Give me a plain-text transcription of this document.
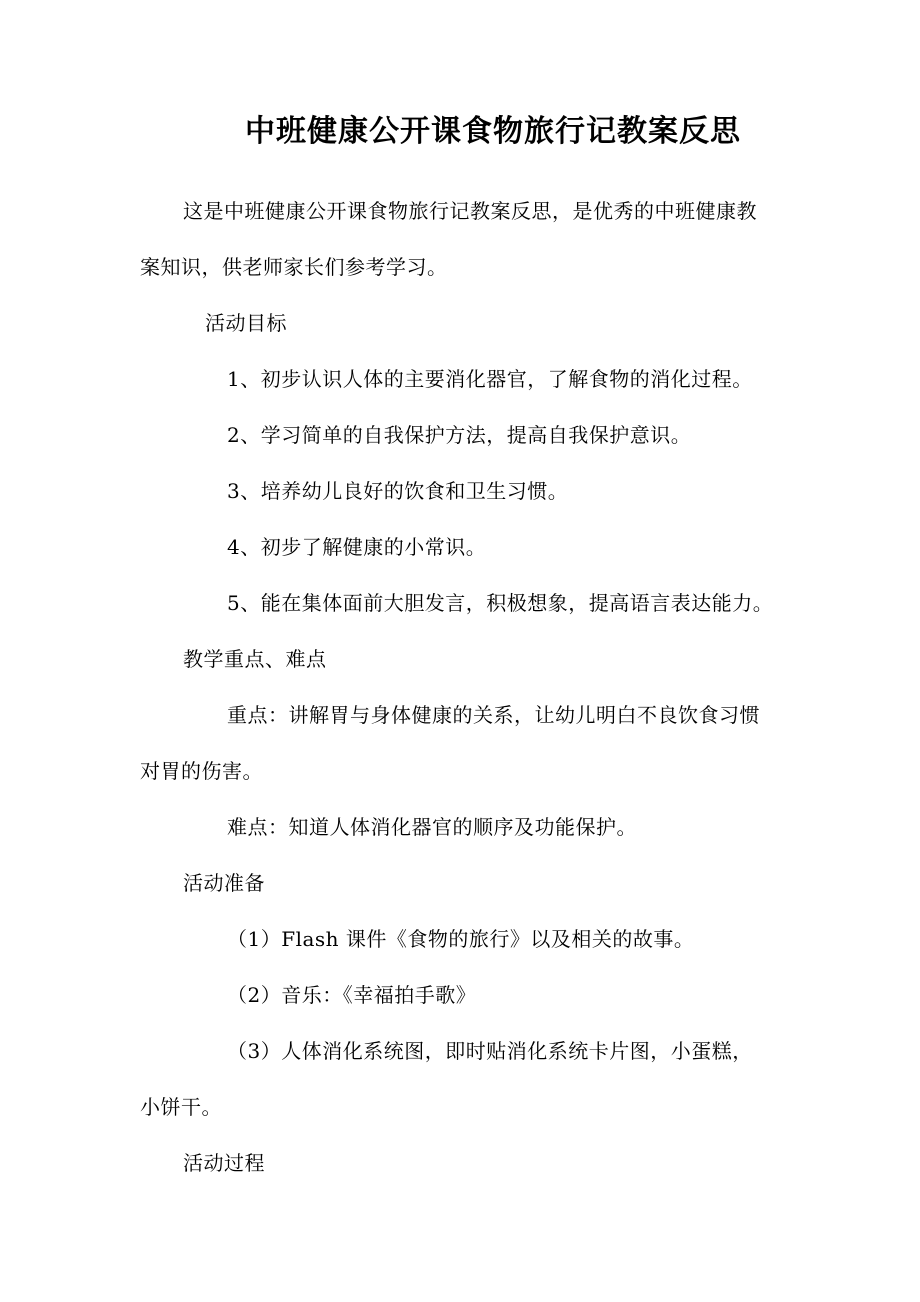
中班健康公开课食物旅行记教案反思
这是中班健康公开课食物旅行记教案反思，是优秀的中班健康教
案知识，供老师家长们参考学习。
活动目标
1、初步认识人体的主要消化器官，了解食物的消化过程。
2、学习简单的自我保护方法，提高自我保护意识。
3、培养幼儿良好的饮食和卫生习惯。
4、初步了解健康的小常识。
5、能在集体面前大胆发言，积极想象，提高语言表达能力。
教学重点、难点
重点：讲解胃与身体健康的关系，让幼儿明白不良饮食习惯
对胃的伤害。
难点：知道人体消化器官的顺序及功能保护。
活动准备
（1）Flash 课件《食物的旅行》以及相关的故事。
（2）音乐：《幸福拍手歌》
（3）人体消化系统图，即时贴消化系统卡片图，小蛋糕，
小饼干。
活动过程
